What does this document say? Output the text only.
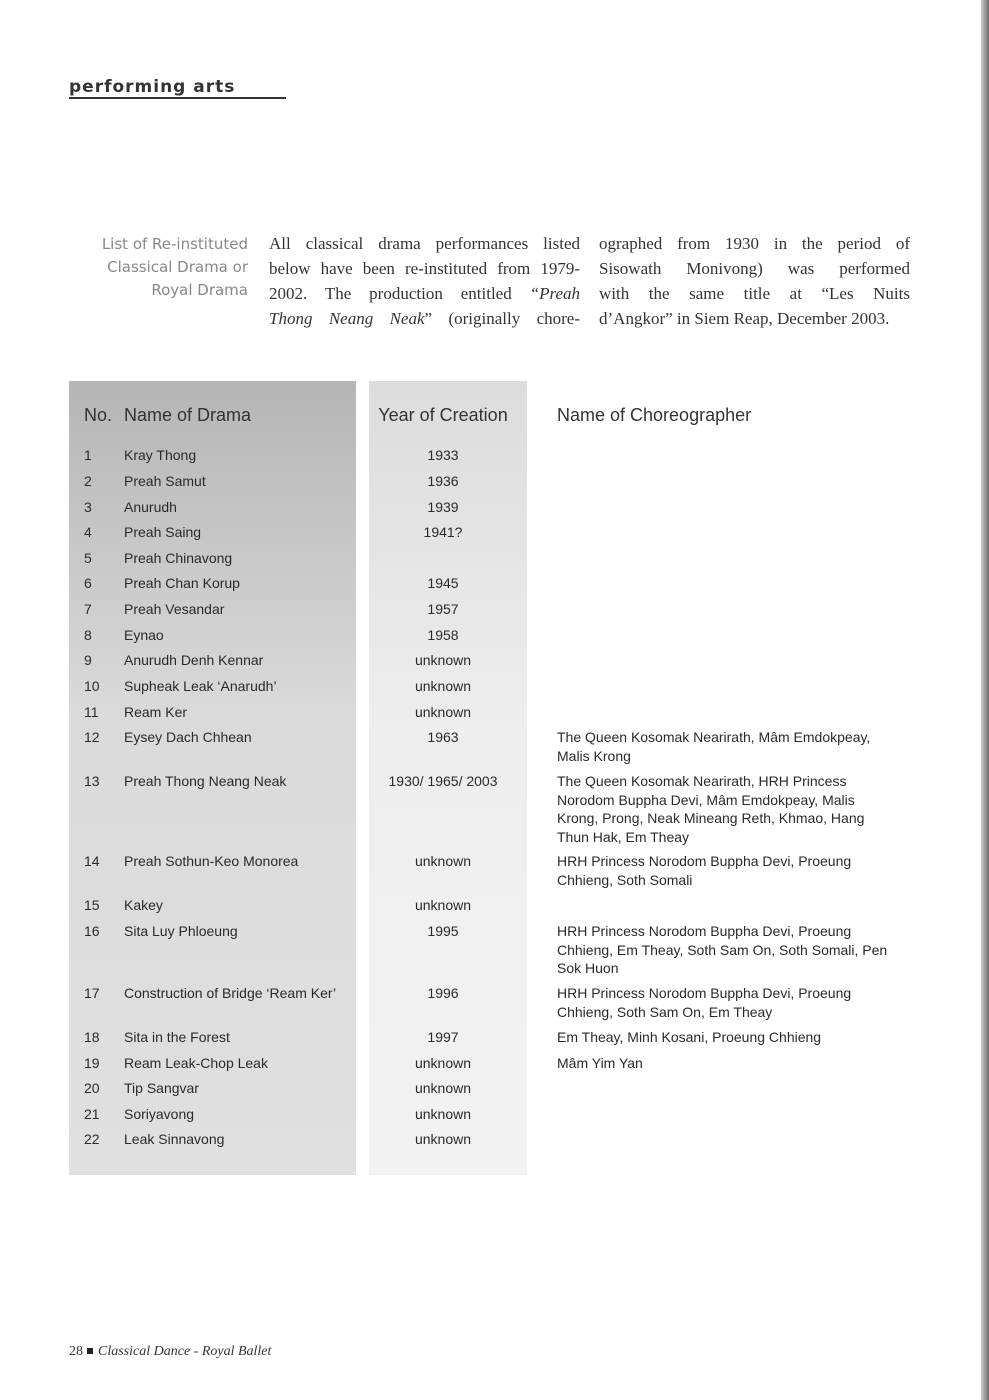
performing arts
List of Re-instituted
Classical Drama or
Royal Drama
All classical drama performances listed
below have been re-instituted from 1979-
2002. The production entitled “Preah
Thong Neang Neak” (originally chore-
ographed from 1930 in the period of
Sisowath Monivong) was performed
with the same title at “Les Nuits
d’Angkor” in Siem Reap, December 2003.
No. Name of Drama	Year of Creation	Name of Choreographer
1	Kray Thong	1933
2	Preah Samut	1936
3	Anurudh	1939
4	Preah Saing	1941?
5	Preah Chinavong
6	Preah Chan Korup	1945
7	Preah Vesandar	1957
8	Eynao	1958
9	Anurudh Denh Kennar	unknown
10	Supheak Leak ‘Anarudh’	unknown
11	Ream Ker	unknown
12	Eysey Dach Chhean	1963	The Queen Kosomak Nearirath, Mâm Emdokpeay, Malis Krong
13	Preah Thong Neang Neak	1930/ 1965/ 2003	The Queen Kosomak Nearirath, HRH Princess Norodom Buppha Devi, Mâm Emdokpeay, Malis Krong, Prong, Neak Mineang Reth, Khmao, Hang Thun Hak, Em Theay
14	Preah Sothun-Keo Monorea	unknown	HRH Princess Norodom Buppha Devi, Proeung Chhieng, Soth Somali
15	Kakey	unknown
16	Sita Luy Phloeung	1995	HRH Princess Norodom Buppha Devi, Proeung Chhieng, Em Theay, Soth Sam On, Soth Somali, Pen Sok Huon
17	Construction of Bridge ‘Ream Ker’	1996	HRH Princess Norodom Buppha Devi, Proeung Chhieng, Soth Sam On, Em Theay
18	Sita in the Forest	1997	Em Theay, Minh Kosani, Proeung Chhieng
19	Ream Leak-Chop Leak	unknown	Mâm Yim Yan
20	Tip Sangvar	unknown
21	Soriyavong	unknown
22	Leak Sinnavong	unknown
28 Classical Dance - Royal Ballet
